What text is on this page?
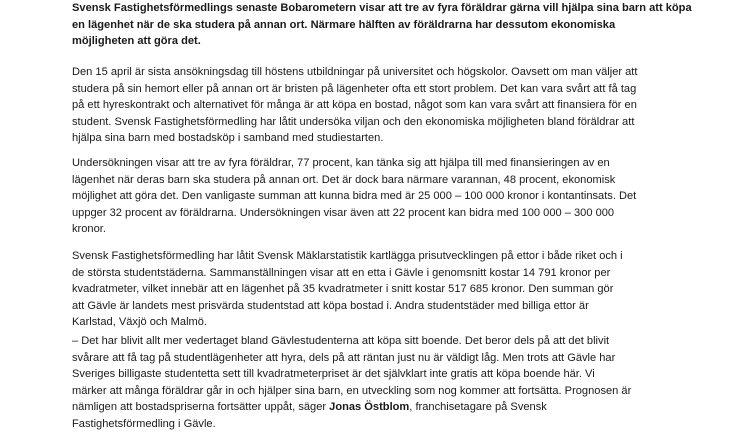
Svensk Fastighetsförmedlings senaste Bobarometern visar att tre av fyra föräldrar gärna vill hjälpa sina barn att köpa

en lägenhet när de ska studera på annan ort. Närmare hälften av föräldrarna har dessutom ekonomiska

möjligheten att göra det.

Den 15 april är sista ansökningsdag till höstens utbildningar på universitet och högskolor. Oavsett om man väljer att

studera på sin hemort eller på annan ort är bristen på lägenheter ofta ett stort problem. Det kan vara svårt att få tag

på ett hyreskontrakt och alternativet för många är att köpa en bostad, något som kan vara svårt att finansiera för en

student. Svensk Fastighetsförmedling har låtit undersöka viljan och den ekonomiska möjligheten bland föräldrar att

hjälpa sina barn med bostadsköp i samband med studiestarten.

Undersökningen visar att tre av fyra föräldrar, 77 procent, kan tänka sig att hjälpa till med finansieringen av en

lägenhet när deras barn ska studera på annan ort. Det är dock bara närmare varannan, 48 procent, ekonomisk

möjlighet att göra det. Den vanligaste summan att kunna bidra med är 25 000 – 100 000 kronor i kontantinsats. Det

uppger 32 procent av föräldrarna. Undersökningen visar även att 22 procent kan bidra med 100 000 – 300 000

kronor.

Svensk Fastighetsförmedling har låtit Svensk Mäklarstatistik kartlägga prisutvecklingen på ettor i både riket och i

de största studentstäderna. Sammanställningen visar att en etta i Gävle i genomsnitt kostar 14 791 kronor per

kvadratmeter, vilket innebär att en lägenhet på 35 kvadratmeter i snitt kostar 517 685 kronor. Den summan gör

att Gävle är landets mest prisvärda studentstad att köpa bostad i. Andra studentstäder med billiga ettor är

Karlstad, Växjö och Malmö.

– Det har blivit allt mer vedertaget bland Gävlestudenterna att köpa sitt boende. Det beror dels på att det blivit

svårare att få tag på studentlägenheter att hyra, dels på att räntan just nu är väldigt låg. Men trots att Gävle har

Sveriges billigaste studentetta sett till kvadratmeterpriset är det självklart inte gratis att köpa boende här. Vi

märker att många föräldrar går in och hjälper sina barn, en utveckling som nog kommer att fortsätta. Prognosen är

nämligen att bostadspriserna fortsätter uppåt, säger Jonas Östblom, franchisetagare på Svensk

Fastighetsförmedling i Gävle.
